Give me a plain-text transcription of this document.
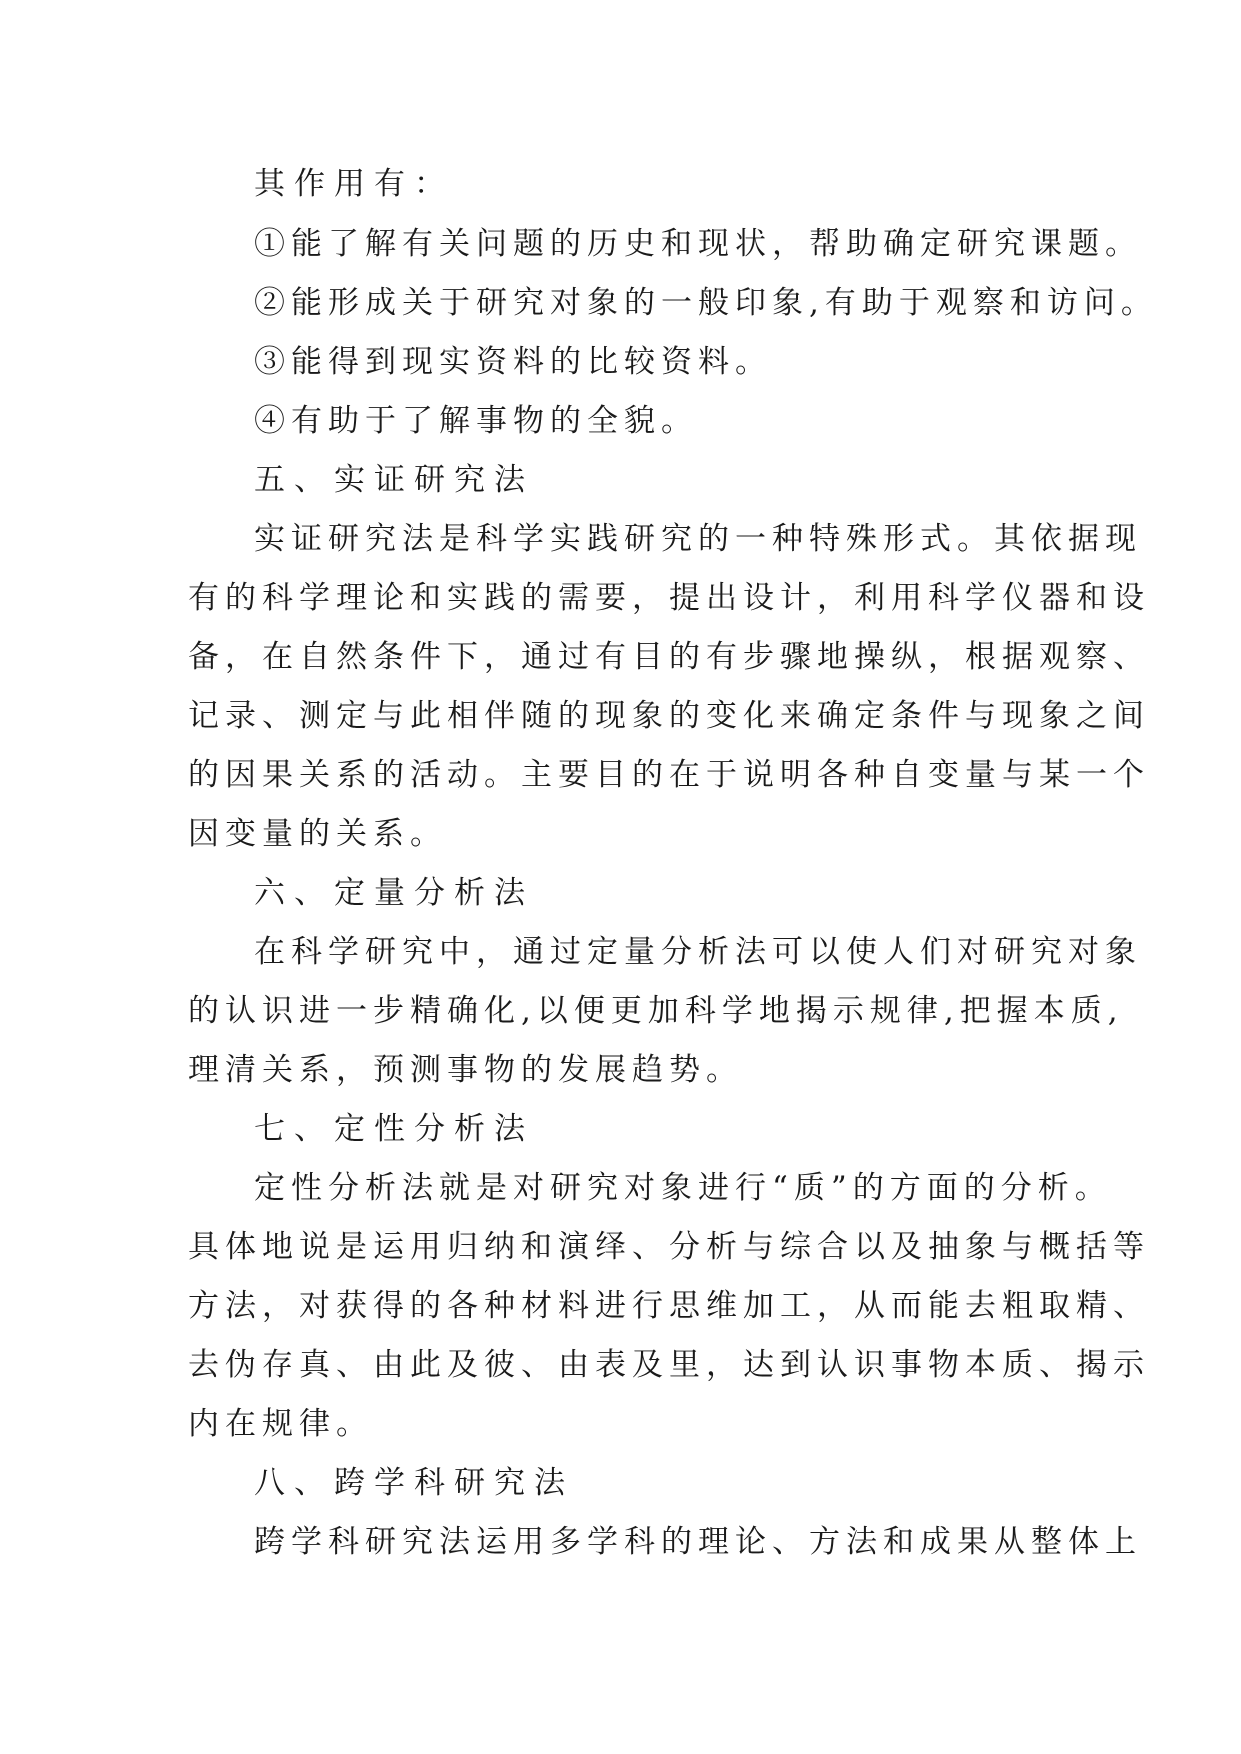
其作用有：
①能了解有关问题的历史和现状，帮助确定研究课题。
②能形成关于研究对象的一般印象,有助于观察和访问。
③能得到现实资料的比较资料。
④有助于了解事物的全貌。
五、实证研究法
实证研究法是科学实践研究的一种特殊形式。其依据现
有的科学理论和实践的需要，提出设计，利用科学仪器和设
备，在自然条件下，通过有目的有步骤地操纵，根据观察、
记录、测定与此相伴随的现象的变化来确定条件与现象之间
的因果关系的活动。主要目的在于说明各种自变量与某一个
因变量的关系。
六、定量分析法
在科学研究中，通过定量分析法可以使人们对研究对象
的认识进一步精确化,以便更加科学地揭示规律,把握本质,
理清关系，预测事物的发展趋势。
七、定性分析法
定性分析法就是对研究对象进行“质”的方面的分析。
具体地说是运用归纳和演绎、分析与综合以及抽象与概括等
方法，对获得的各种材料进行思维加工，从而能去粗取精、
去伪存真、由此及彼、由表及里，达到认识事物本质、揭示
内在规律。
八、跨学科研究法
跨学科研究法运用多学科的理论、方法和成果从整体上
